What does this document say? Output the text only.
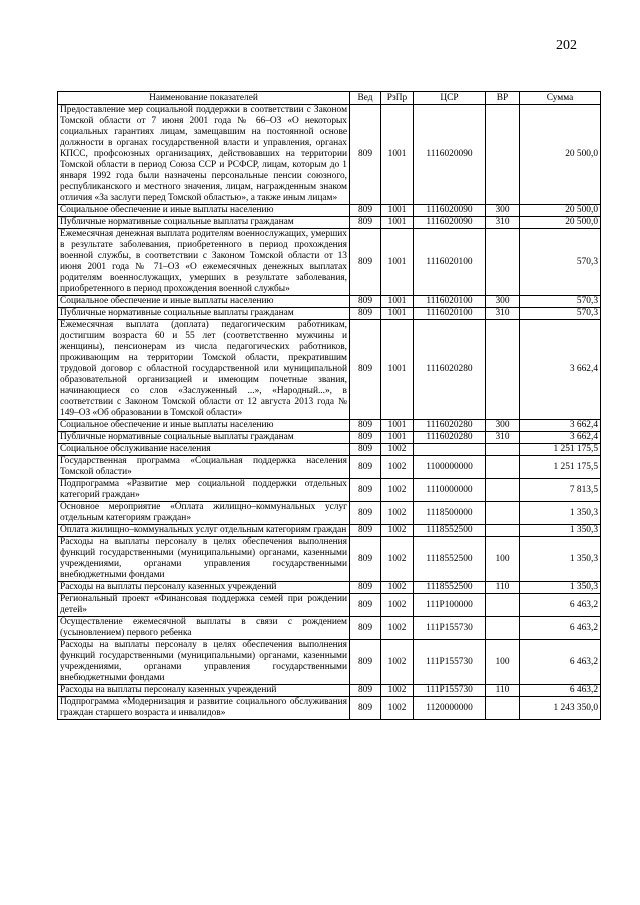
202
Наименование показателей	Вед	РзПр	ЦСР	ВР	Сумма
Предоставление мер социальной поддержки в соответствии с Законом Томской области от 7 июня 2001 года № 66–ОЗ «О некоторых социальных гарантиях лицам, замещавшим на постоянной основе должности в органах государственной власти и управления, органах КПСС, профсоюзных организациях, действовавших на территории Томской области в период Союза ССР и РСФСР, лицам, которым до 1 января 1992 года были назначены персональные пенсии союзного, республиканского и местного значения, лицам, награжденным знаком отличия «За заслуги перед Томской областью», а также иным лицам»	809	1001	1116020090		20 500,0
Социальное обеспечение и иные выплаты населению	809	1001	1116020090	300	20 500,0
Публичные нормативные социальные выплаты гражданам	809	1001	1116020090	310	20 500,0
Ежемесячная денежная выплата родителям военнослужащих, умерших в результате заболевания, приобретенного в период прохождения военной службы, в соответствии с Законом Томской области от 13 июня 2001 года № 71–ОЗ «О ежемесячных денежных выплатах родителям военнослужащих, умерших в результате заболевания, приобретенного в период прохождения военной службы»	809	1001	1116020100		570,3
Социальное обеспечение и иные выплаты населению	809	1001	1116020100	300	570,3
Публичные нормативные социальные выплаты гражданам	809	1001	1116020100	310	570,3
Ежемесячная выплата (доплата) педагогическим работникам, достигшим возраста 60 и 55 лет (соответственно мужчины и женщины), пенсионерам из числа педагогических работников, проживающим на территории Томской области, прекратившим трудовой договор с областной государственной или муниципальной образовательной организацией и имеющим почетные звания, начинающиеся со слов «Заслуженный ...», «Народный...», в соответствии с Законом Томской области от 12 августа 2013 года № 149–ОЗ «Об образовании в Томской области»	809	1001	1116020280		3 662,4
Социальное обеспечение и иные выплаты населению	809	1001	1116020280	300	3 662,4
Публичные нормативные социальные выплаты гражданам	809	1001	1116020280	310	3 662,4
Социальное обслуживание населения	809	1002			1 251 175,5
Государственная программа «Социальная поддержка населения Томской области»	809	1002	1100000000		1 251 175,5
Подпрограмма «Развитие мер социальной поддержки отдельных категорий граждан»	809	1002	1110000000		7 813,5
Основное мероприятие «Оплата жилищно–коммунальных услуг отдельным категориям граждан»	809	1002	1118500000		1 350,3
Оплата жилищно–коммунальных услуг отдельным категориям граждан	809	1002	1118552500		1 350,3
Расходы на выплаты персоналу в целях обеспечения выполнения функций государственными (муниципальными) органами, казенными учреждениями, органами управления государственными внебюджетными фондами	809	1002	1118552500	100	1 350,3
Расходы на выплаты персоналу казенных учреждений	809	1002	1118552500	110	1 350,3
Региональный проект «Финансовая поддержка семей при рождении детей»	809	1002	111P100000		6 463,2
Осуществление ежемесячной выплаты в связи с рождением (усыновлением) первого ребенка	809	1002	111P155730		6 463,2
Расходы на выплаты персоналу в целях обеспечения выполнения функций государственными (муниципальными) органами, казенными учреждениями, органами управления государственными внебюджетными фондами	809	1002	111P155730	100	6 463,2
Расходы на выплаты персоналу казенных учреждений	809	1002	111P155730	110	6 463,2
Подпрограмма «Модернизация и развитие социального обслуживания граждан старшего возраста и инвалидов»	809	1002	1120000000		1 243 350,0
